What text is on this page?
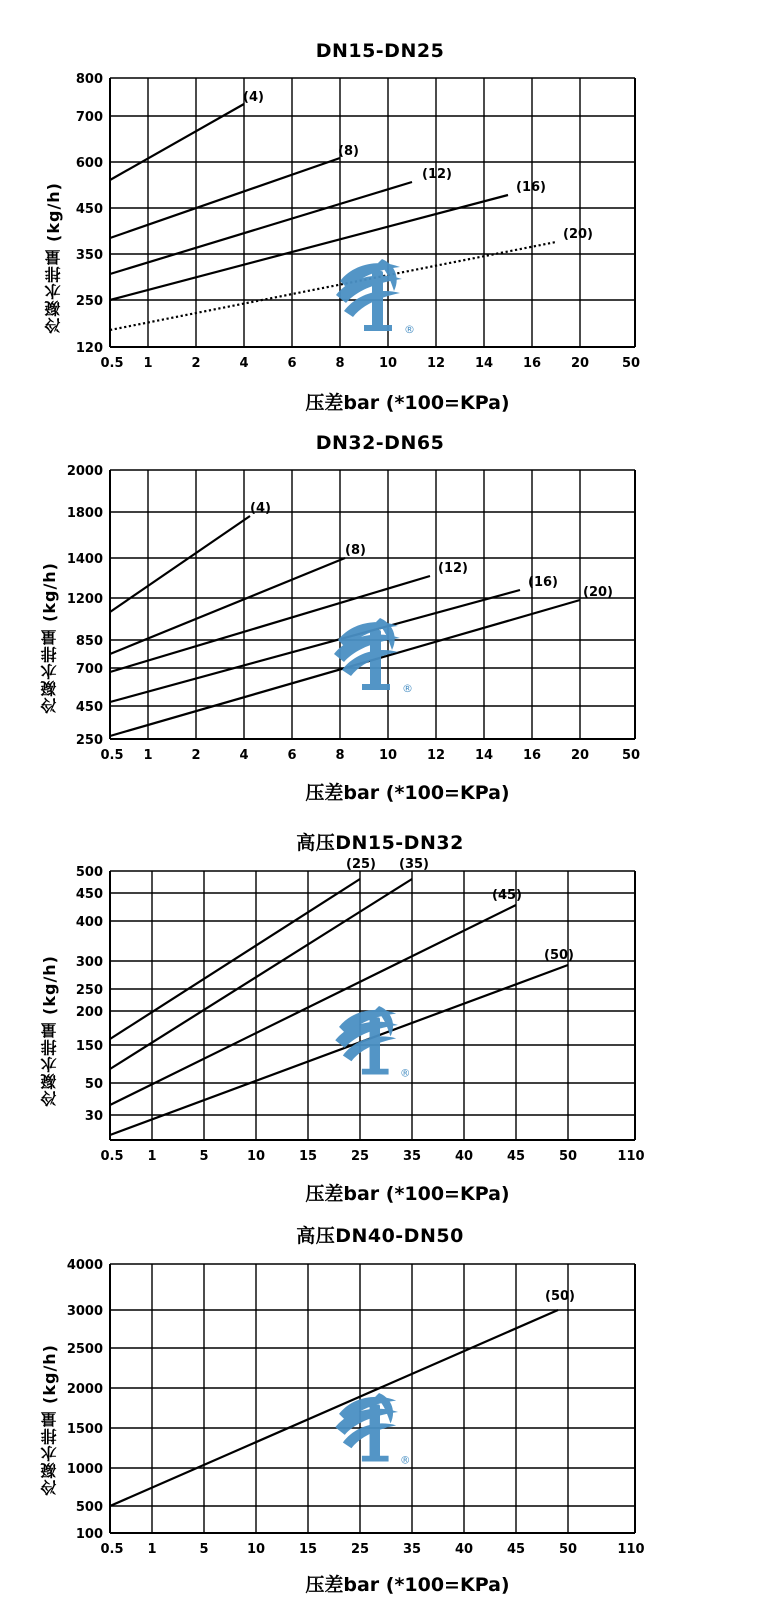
DN15-DN25
冷凝水排量 (kg/h)
800
700
600
450
350
250
120
0.5 1	2	4	6	8	10 12 14 16 20	50
(4)
(8)
(12)
(16)
(20)
®
压差bar (*100=KPa)
DN32-DN65
冷凝水排量 (kg/h)
2000
1800
1400
1200
850
700
450
250
0.5 1	2	4	6	8	10 12 14 16 20	50
(4)
(8)
(12)
(16)
(20)
®
压差bar (*100=KPa)
高压DN15-DN32
冷凝水排量 (kg/h)
500
450
400
300
250
200
150
50
30
0.5 1	5	10	15	25	35	40	45	50	110
(25) (35)
(45)
(50)
®
压差bar (*100=KPa)
高压DN40-DN50
冷凝水排量 (kg/h)
4000
3000
2500
2000
1500
1000
500
100
0.5 1	5	10	15	25	35	40	45	50	110
(50)
®
压差bar (*100=KPa)
